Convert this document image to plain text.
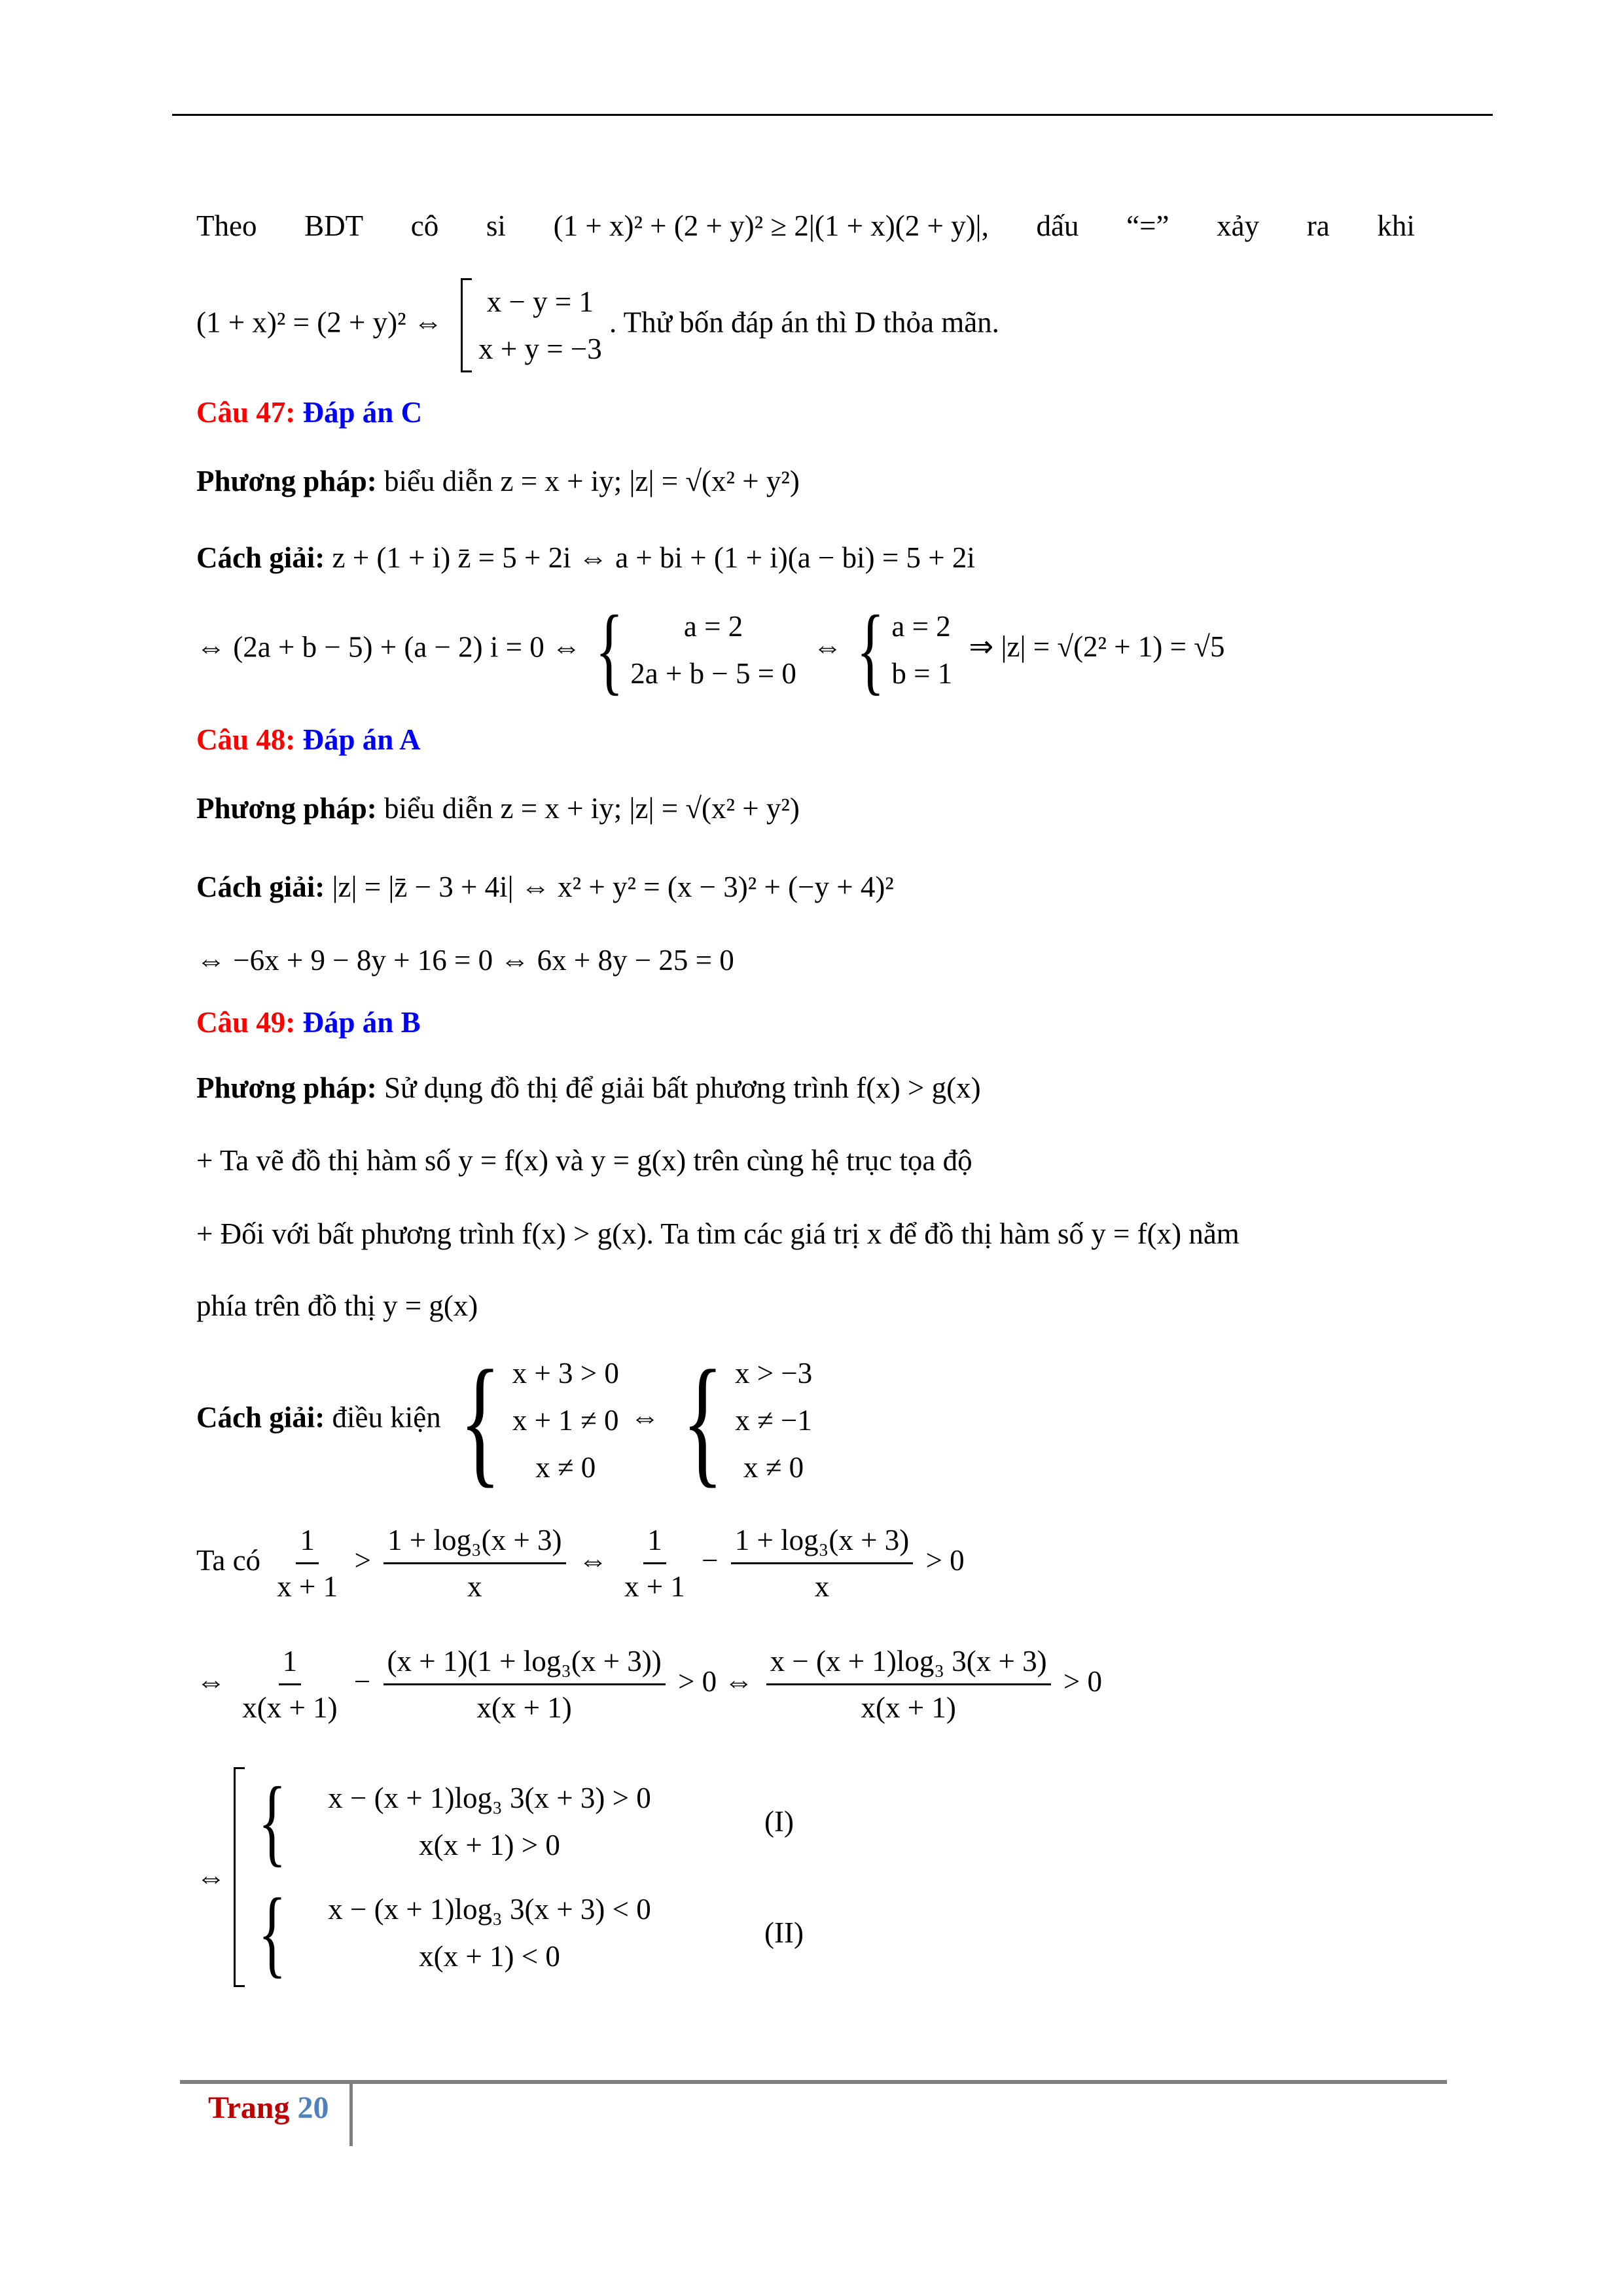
Theo BDT cô si (1 + x)² + (2 + y)² ≥ 2|(1 + x)(2 + y)|, dấu “=” xảy ra khi
(1 + x)² = (2 + y)² ⇔
x − y = 1
x + y = −3
. Thử bốn đáp án thì D thỏa mãn.
Câu 47: Đáp án C
Phương pháp: biểu diễn z = x + iy; |z| = √(x² + y²)
Cách giải: z + (1 + i) z̄ = 5 + 2i ⇔ a + bi + (1 + i)(a − bi) = 5 + 2i
⇔ (2a + b − 5) + (a − 2) i = 0 ⇔ { a = 2
2a + b − 5 = 0
⇔ { a = 2
b = 1
⇒ |z| = √(2² + 1) = √5
Câu 48: Đáp án A
Phương pháp: biểu diễn z = x + iy; |z| = √(x² + y²)
Cách giải: |z| = |z̄ − 3 + 4i| ⇔ x² + y² = (x − 3)² + (−y + 4)²
⇔ −6x + 9 − 8y + 16 = 0 ⇔ 6x + 8y − 25 = 0
Câu 49: Đáp án B
Phương pháp: Sử dụng đồ thị để giải bất phương trình f(x) > g(x)
+ Ta vẽ đồ thị hàm số y = f(x) và y = g(x) trên cùng hệ trục tọa độ
+ Đối với bất phương trình f(x) > g(x). Ta tìm các giá trị x để đồ thị hàm số y = f(x) nằm
phía trên đồ thị y = g(x)
Cách giải: điều kiện { x + 3 > 0
x + 1 ≠ 0
x ≠ 0
⇔ { x > −3
x ≠ −1
x ≠ 0
Ta có $\frac{1}{x + 1} > \frac{\text{1 + log₃(x + 3)}}{x}$ ⇔ $\frac{1}{x + 1} - \frac{\text{1 + log₃(x + 3)}}{x} > 0$
⇔ $\frac{1}{x(x + 1)} - \frac{\text{(x + 1)(1 + log₃(x + 3))}}{x(x + 1)} > 0$ ⇔ $\frac{\text{x − (x + 1)log₃ 3(x + 3)}}{x(x + 1)} > 0$
⇔
{ x − (x + 1)log₃ 3(x + 3) > 0
x(x + 1) > 0
(I)
{ x − (x + 1)log₃ 3(x + 3) < 0
x(x + 1) < 0
(II)
Trang 20
